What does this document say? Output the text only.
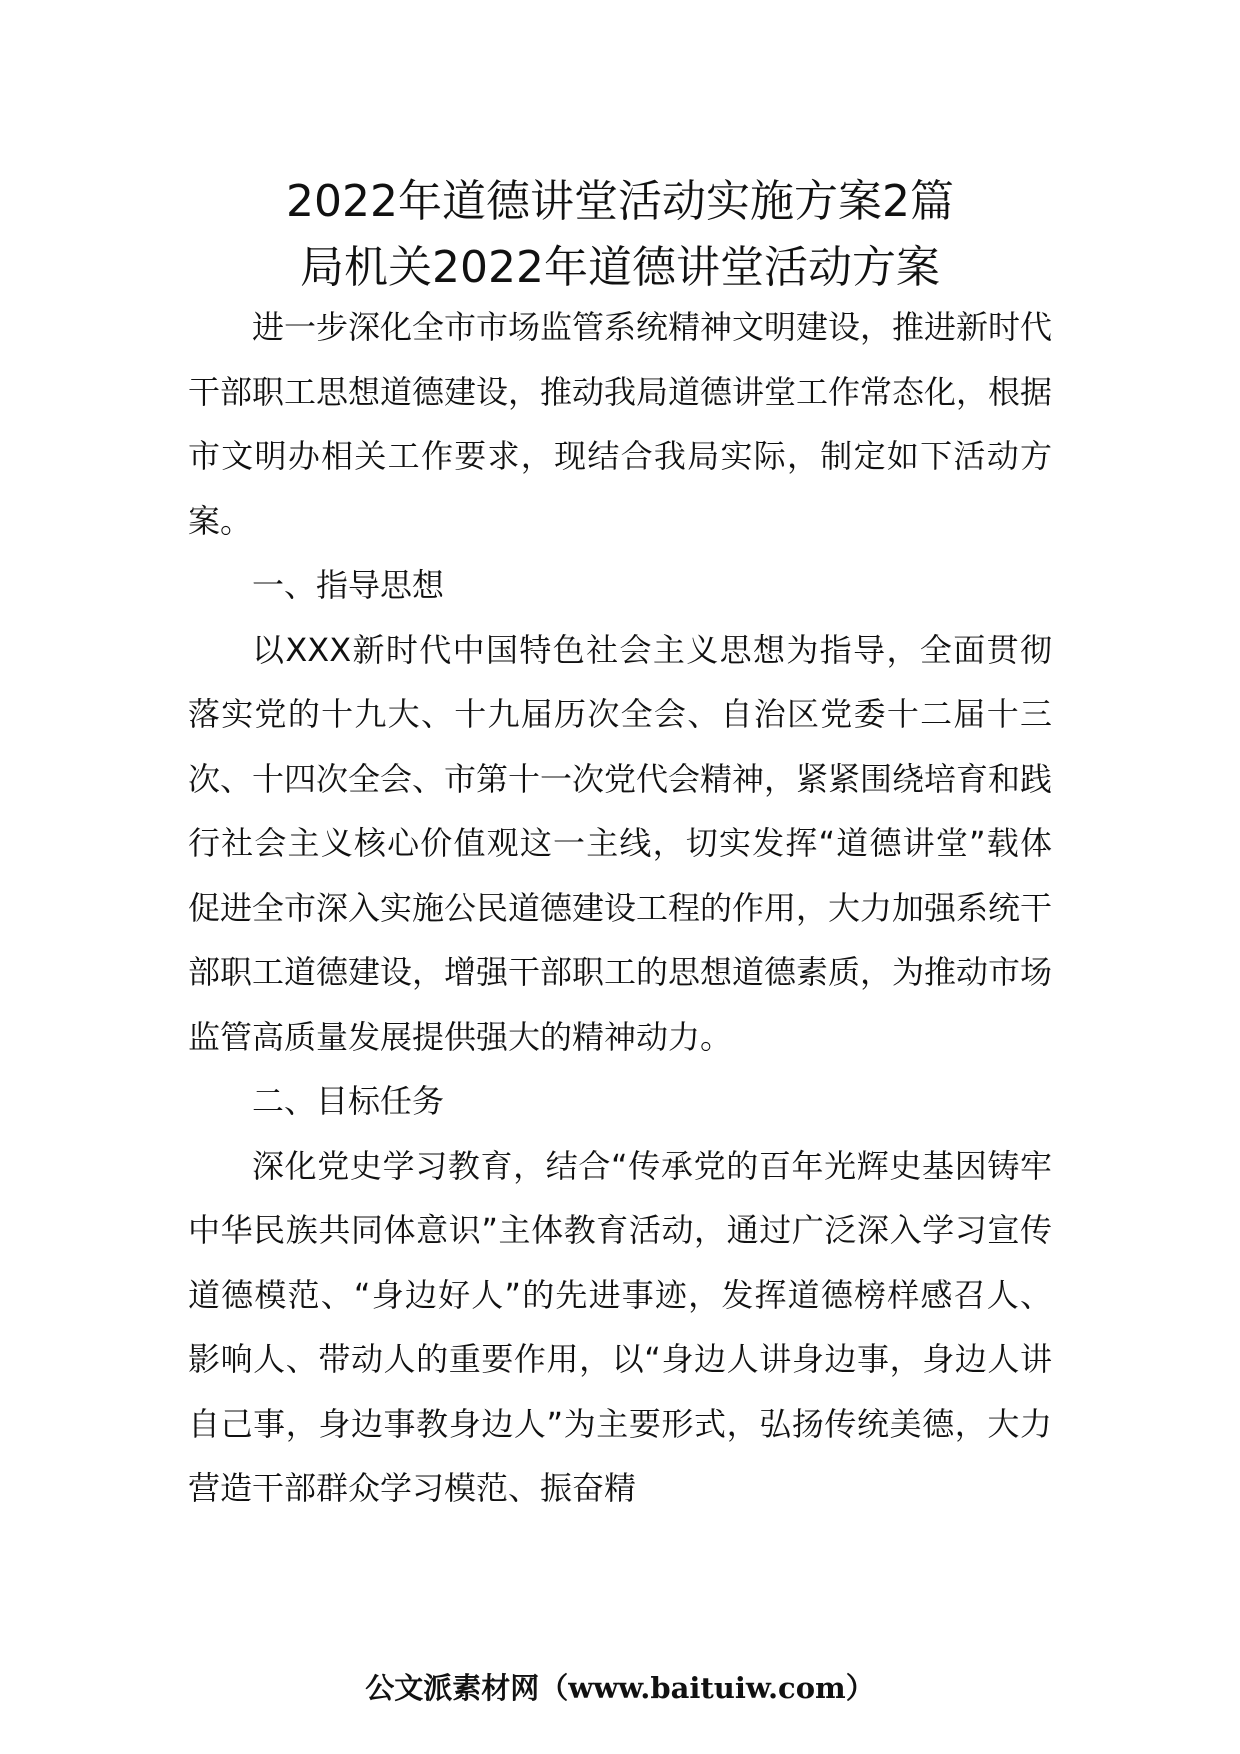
2022年道德讲堂活动实施方案2篇
局机关2022年道德讲堂活动方案

进一步深化全市市场监管系统精神文明建设，推进新时代干部职工思想道德建设，推动我局道德讲堂工作常态化，根据市文明办相关工作要求，现结合我局实际，制定如下活动方案。

一、指导思想

以XXX新时代中国特色社会主义思想为指导，全面贯彻落实党的十九大、十九届历次全会、自治区党委十二届十三次、十四次全会、市第十一次党代会精神，紧紧围绕培育和践行社会主义核心价值观这一主线，切实发挥“道德讲堂”载体促进全市深入实施公民道德建设工程的作用，大力加强系统干部职工道德建设，增强干部职工的思想道德素质，为推动市场监管高质量发展提供强大的精神动力。

二、目标任务

深化党史学习教育，结合“传承党的百年光辉史基因铸牢中华民族共同体意识”主体教育活动，通过广泛深入学习宣传道德模范、“身边好人”的先进事迹，发挥道德榜样感召人、影响人、带动人的重要作用，以“身边人讲身边事，身边人讲自己事，身边事教身边人”为主要形式，弘扬传统美德，大力营造干部群众学习模范、振奋精

公文派素材网（www.baituiw.com）
